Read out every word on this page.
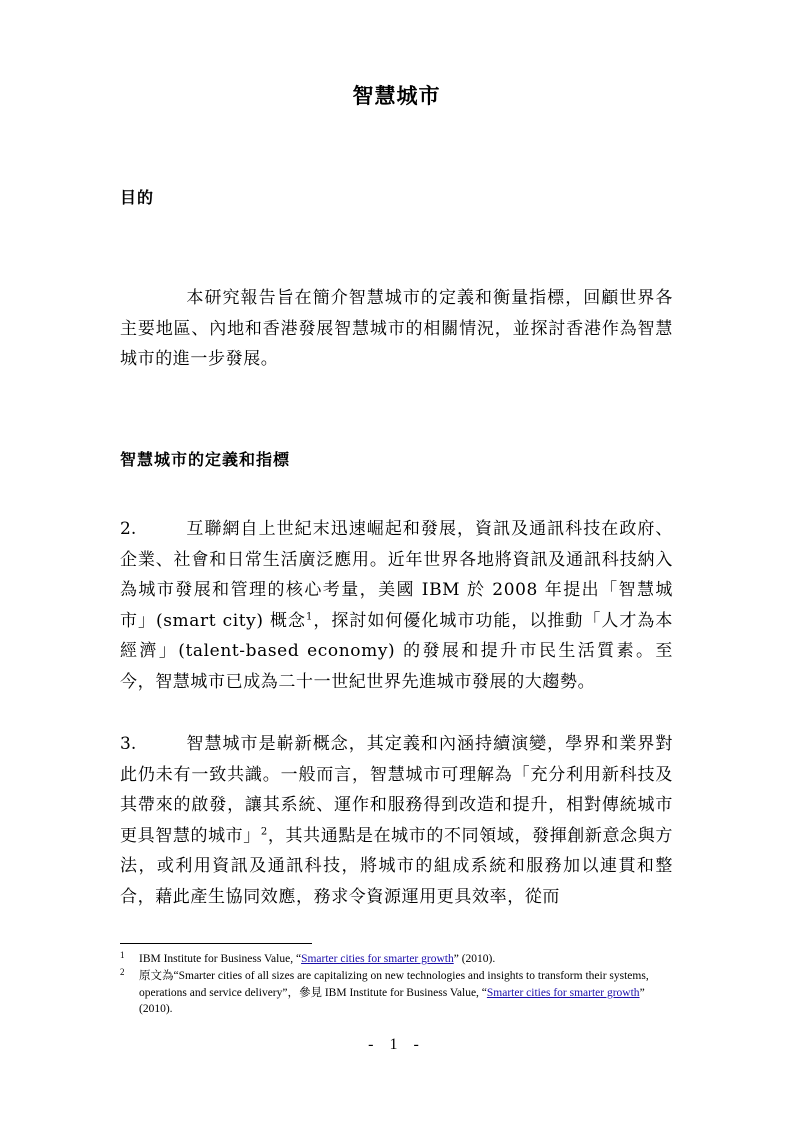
智慧城市
目的
本研究報告旨在簡介智慧城市的定義和衡量指標，回顧世界各主要地區、內地和香港發展智慧城市的相關情況，並探討香港作為智慧城市的進一步發展。
智慧城市的定義和指標
2.	互聯網自上世紀末迅速崛起和發展，資訊及通訊科技在政府、企業、社會和日常生活廣泛應用。近年世界各地將資訊及通訊科技納入為城市發展和管理的核心考量，美國 IBM 於 2008 年提出「智慧城市」(smart city) 概念$^1$，探討如何優化城市功能，以推動「人才為本經濟」(talent-based economy) 的發展和提升市民生活質素。至今，智慧城市已成為二十一世紀世界先進城市發展的大趨勢。
3.	智慧城市是嶄新概念，其定義和內涵持續演變，學界和業界對此仍未有一致共識。一般而言，智慧城市可理解為「充分利用新科技及其帶來的啟發，讓其系統、運作和服務得到改造和提升，相對傳統城市更具智慧的城市」$^2$，其共通點是在城市的不同領域，發揮創新意念與方法，或利用資訊及通訊科技，將城市的組成系統和服務加以連貫和整合，藉此產生協同效應，務求令資源運用更具效率，從而
1 IBM Institute for Business Value, “Smarter cities for smarter growth” (2010).
2 原文為“Smarter cities of all sizes are capitalizing on new technologies and insights to transform their systems, operations and service delivery”，參見 IBM Institute for Business Value, “Smarter cities for smarter growth” (2010).
- 1 -
